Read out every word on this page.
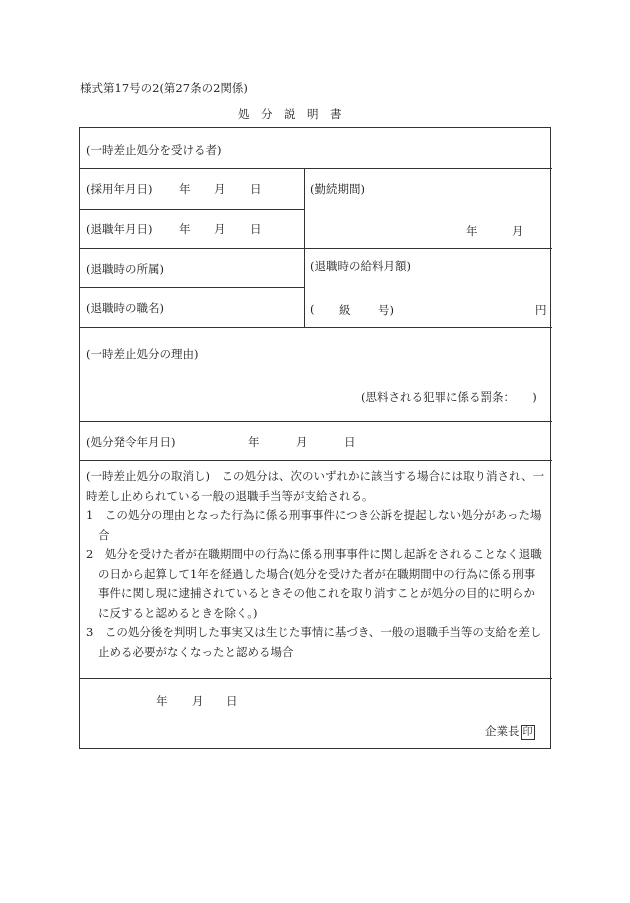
様式第17号の2(第27条の2関係)
処　分　説　明　書
(一時差止処分を受ける者)
(採用年月日) 年 月 日	(勤続期間)
(退職年月日) 年 月 日	年	月
(退職時の所属)	(退職時の給料月額)
(退職時の職名)	( 級 号)	円
(一時差止処分の理由)
(思料される犯罪に係る罰条：　　)
(処分発令年月日)	年	月	日

(一時差止処分の取消し)　この処分は、次のいずれかに該当する場合には取り消され、一時差し止められている一般の退職手当等が支給される。

1　この処分の理由となった行為に係る刑事事件につき公訴を提起しない処分があった場合

2　処分を受けた者が在職期間中の行為に係る刑事事件に関し起訴をされることなく退職の日から起算して1年を経過した場合(処分を受けた者が在職期間中の行為に係る刑事事件に関し現に逮捕されているときその他これを取り消すことが処分の目的に明らかに反すると認めるときを除く。)

3　この処分後を判明した事実又は生じた事情に基づき、一般の退職手当等の支給を差し止める必要がなくなったと認める場合

年 月 日
企業長 印
